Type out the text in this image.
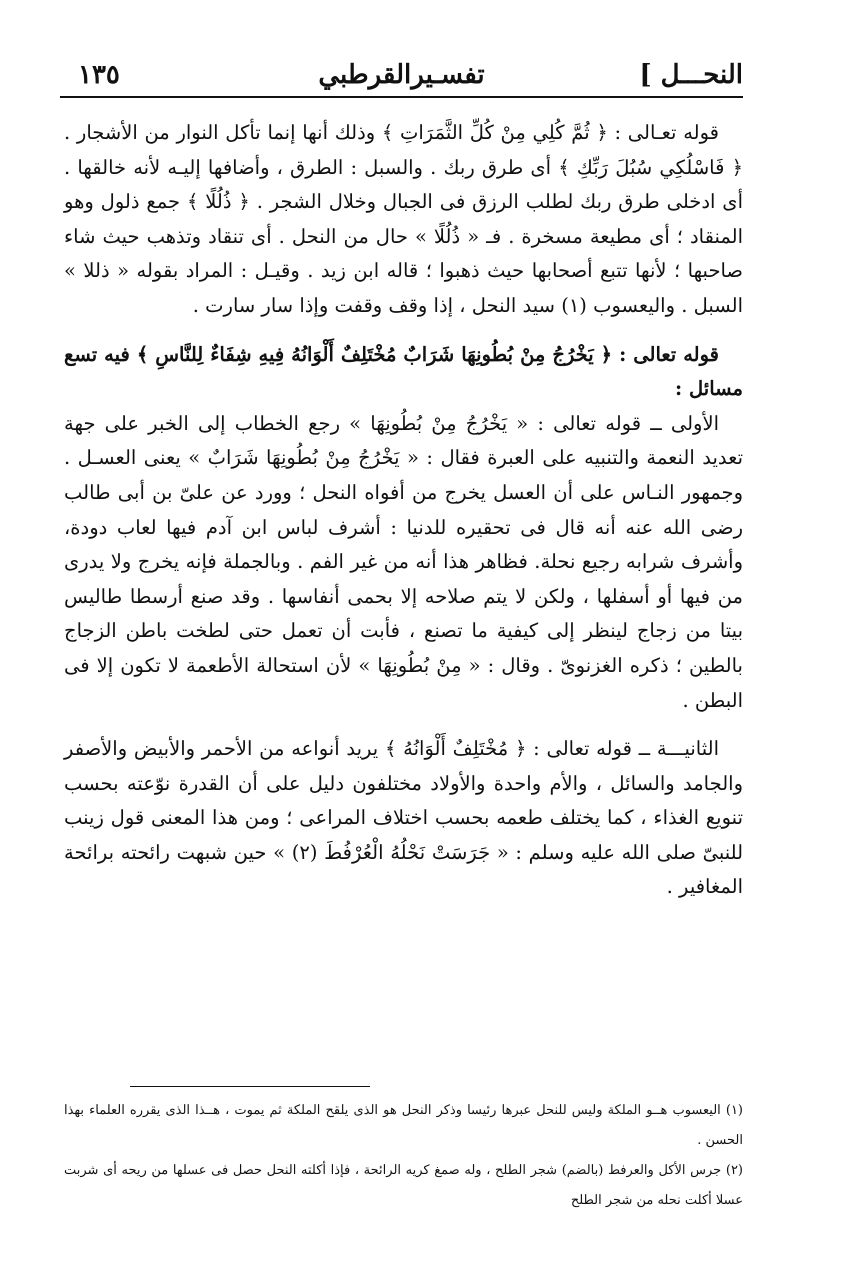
النحـــل ]
تفسـيرالقرطبي
١٣٥

قوله تعـالى : ﴿ ثُمَّ كُلِي مِنْ كُلِّ الثَّمَرَاتِ ﴾ وذلك أنها إنما تأكل النوار من الأشجار . ﴿ فَاسْلُكِي سُبُلَ رَبِّكِ ﴾ أى طرق ربك . والسبل : الطرق ، وأضافها إليـه لأنه خالقها . أى ادخلى طرق ربك لطلب الرزق فى الجبال وخلال الشجر . ﴿ ذُلُلًا ﴾ جمع ذلول وهو المنقاد ؛ أى مطيعة مسخرة . فـ « ذُلُلًا » حال من النحل . أى تنقاد وتذهب حيث شاء صاحبها ؛ لأنها تتبع أصحابها حيث ذهبوا ؛ قاله ابن زيد . وقيـل : المراد بقوله « ذللا » السبل . واليعسوب (١) سيد النحل ، إذا وقف وقفت وإذا سار سارت .

قوله تعالى : ﴿ يَخْرُجُ مِنْ بُطُونِهَا شَرَابٌ مُخْتَلِفٌ أَلْوَانُهُ فِيهِ شِفَاءٌ لِلنَّاسِ ﴾ فيه تسع مسائل :

الأولى ــ قوله تعالى : « يَخْرُجُ مِنْ بُطُونِهَا » رجع الخطاب إلى الخبر على جهة تعديد النعمة والتنبيه على العبرة فقال : « يَخْرُجُ مِنْ بُطُونِهَا شَرَابٌ » يعنى العسـل . وجمهور النـاس على أن العسل يخرج من أفواه النحل ؛ وورد عن علىّ بن أبى طالب رضى الله عنه أنه قال فى تحقيره للدنيا : أشرف لباس ابن آدم فيها لعاب دودة، وأشرف شرابه رجيع نحلة. فظاهر هذا أنه من غير الفم . وبالجملة فإنه يخرج ولا يدرى من فيها أو أسفلها ، ولكن لا يتم صلاحه إلا بحمى أنفاسها . وقد صنع أرسطا طاليس بيتا من زجاج لينظر إلى كيفية ما تصنع ، فأبت أن تعمل حتى لطخت باطن الزجاج بالطين ؛ ذكره الغزنوىّ . وقال : « مِنْ بُطُونِهَا » لأن استحالة الأطعمة لا تكون إلا فى البطن .

الثانيـــة ــ قوله تعالى : ﴿ مُخْتَلِفٌ أَلْوَانُهُ ﴾ يريد أنواعه من الأحمر والأبيض والأصفر والجامد والسائل ، والأم واحدة والأولاد مختلفون دليل على أن القدرة نوّعته بحسب تنويع الغذاء ، كما يختلف طعمه بحسب اختلاف المراعى ؛ ومن هذا المعنى قول زينب للنبىّ صلى الله عليه وسلم : « جَرَسَتْ نَحْلُهُ الْعُرْفُطَ (٢) » حين شبهت رائحته برائحة المغافير .

(١) اليعسوب هــو الملكة وليس للنحل عبرها رئيسا وذكر النحل هو الذى يلقح الملكة ثم يموت ، هــذا الذى يقرره العلماء بهذا الحسن .

(٢) جرس الأكل والعرفط (بالضم) شجر الطلح ، وله صمغ كريه الرائحة ، فإذا أكلته النحل حصل فى عسلها من ريحه أى شربت عسلا أكلت نحله من شجر الطلح
